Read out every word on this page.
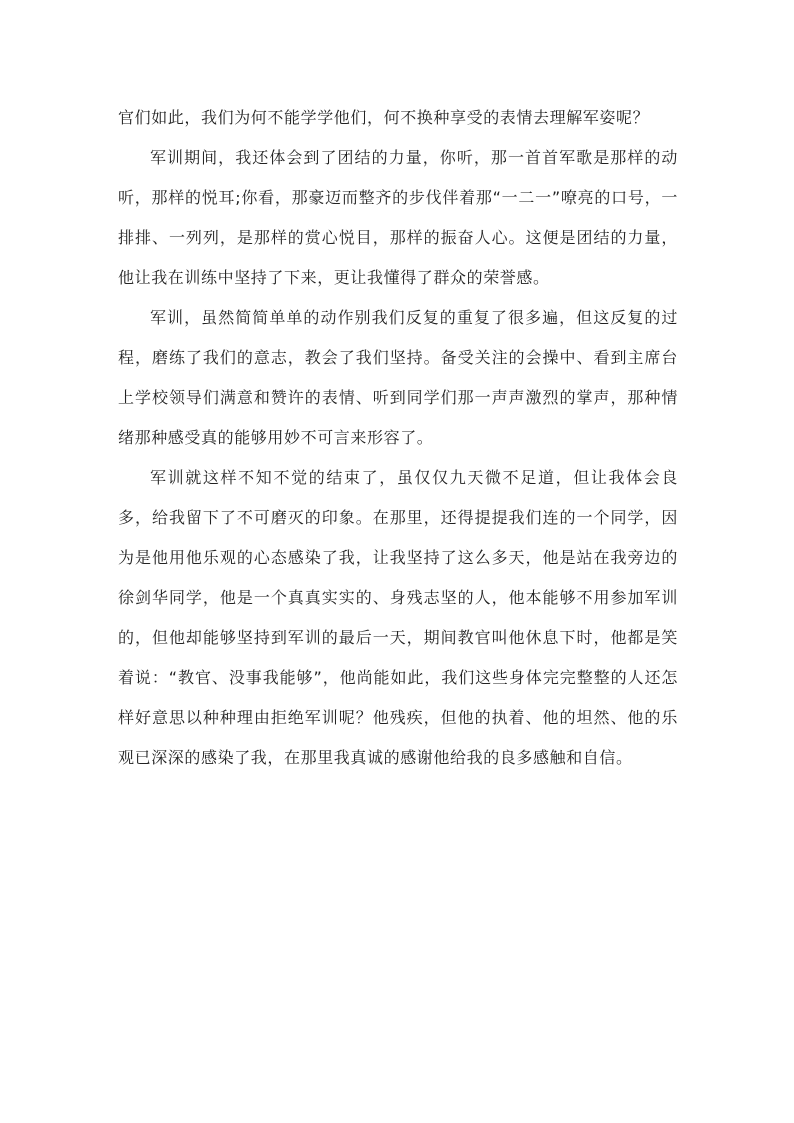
官们如此，我们为何不能学学他们，何不换种享受的表情去理解军姿呢？

军训期间，我还体会到了团结的力量，你听，那一首首军歌是那样的动听，那样的悦耳;你看，那豪迈而整齐的步伐伴着那“一二一”嘹亮的口号，一排排、一列列，是那样的赏心悦目，那样的振奋人心。这便是团结的力量，他让我在训练中坚持了下来，更让我懂得了群众的荣誉感。

军训，虽然简简单单的动作别我们反复的重复了很多遍，但这反复的过程，磨练了我们的意志，教会了我们坚持。备受关注的会操中、看到主席台上学校领导们满意和赞许的表情、听到同学们那一声声激烈的掌声，那种情绪那种感受真的能够用妙不可言来形容了。

军训就这样不知不觉的结束了，虽仅仅九天微不足道，但让我体会良多，给我留下了不可磨灭的印象。在那里，还得提提我们连的一个同学，因为是他用他乐观的心态感染了我，让我坚持了这么多天，他是站在我旁边的徐剑华同学，他是一个真真实实的、身残志坚的人，他本能够不用参加军训的，但他却能够坚持到军训的最后一天，期间教官叫他休息下时，他都是笑着说：“教官、没事我能够”，他尚能如此，我们这些身体完完整整的人还怎样好意思以种种理由拒绝军训呢？他残疾，但他的执着、他的坦然、他的乐观已深深的感染了我，在那里我真诚的感谢他给我的良多感触和自信。
